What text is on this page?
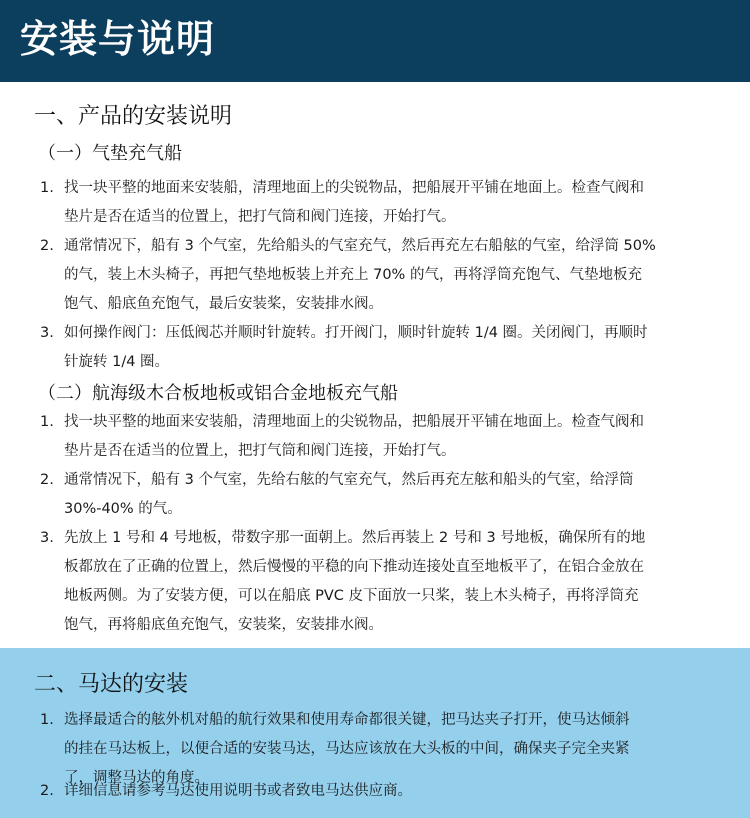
安装与说明
一、产品的安装说明
（一）气垫充气船
1. 找一块平整的地面来安装船，清理地面上的尖锐物品，把船展开平铺在地面上。检查气阀和
垫片是否在适当的位置上，把打气筒和阀门连接，开始打气。
2. 通常情况下，船有 3 个气室，先给船头的气室充气，然后再充左右船舷的气室，给浮筒 50%
的气，装上木头椅子，再把气垫地板装上并充上 70% 的气，再将浮筒充饱气、气垫地板充
饱气、船底鱼充饱气，最后安装桨，安装排水阀。
3. 如何操作阀门：压低阀芯并顺时针旋转。打开阀门，顺时针旋转 1/4 圈。关闭阀门，再顺时
针旋转 1/4 圈。
（二）航海级木合板地板或铝合金地板充气船
1. 找一块平整的地面来安装船，清理地面上的尖锐物品，把船展开平铺在地面上。检查气阀和
垫片是否在适当的位置上，把打气筒和阀门连接，开始打气。
2. 通常情况下，船有 3 个气室，先给右舷的气室充气，然后再充左舷和船头的气室，给浮筒
30%-40% 的气。
3. 先放上 1 号和 4 号地板，带数字那一面朝上。然后再装上 2 号和 3 号地板，确保所有的地
板都放在了正确的位置上，然后慢慢的平稳的向下推动连接处直至地板平了，在铝合金放在
地板两侧。为了安装方便，可以在船底 PVC 皮下面放一只桨，装上木头椅子，再将浮筒充
饱气，再将船底鱼充饱气，安装桨，安装排水阀。
二、马达的安装
1. 选择最适合的舷外机对船的航行效果和使用寿命都很关键，把马达夹子打开，使马达倾斜
的挂在马达板上，以便合适的安装马达，马达应该放在大头板的中间，确保夹子完全夹紧
了，调整马达的角度。
2. 详细信息请参考马达使用说明书或者致电马达供应商。
